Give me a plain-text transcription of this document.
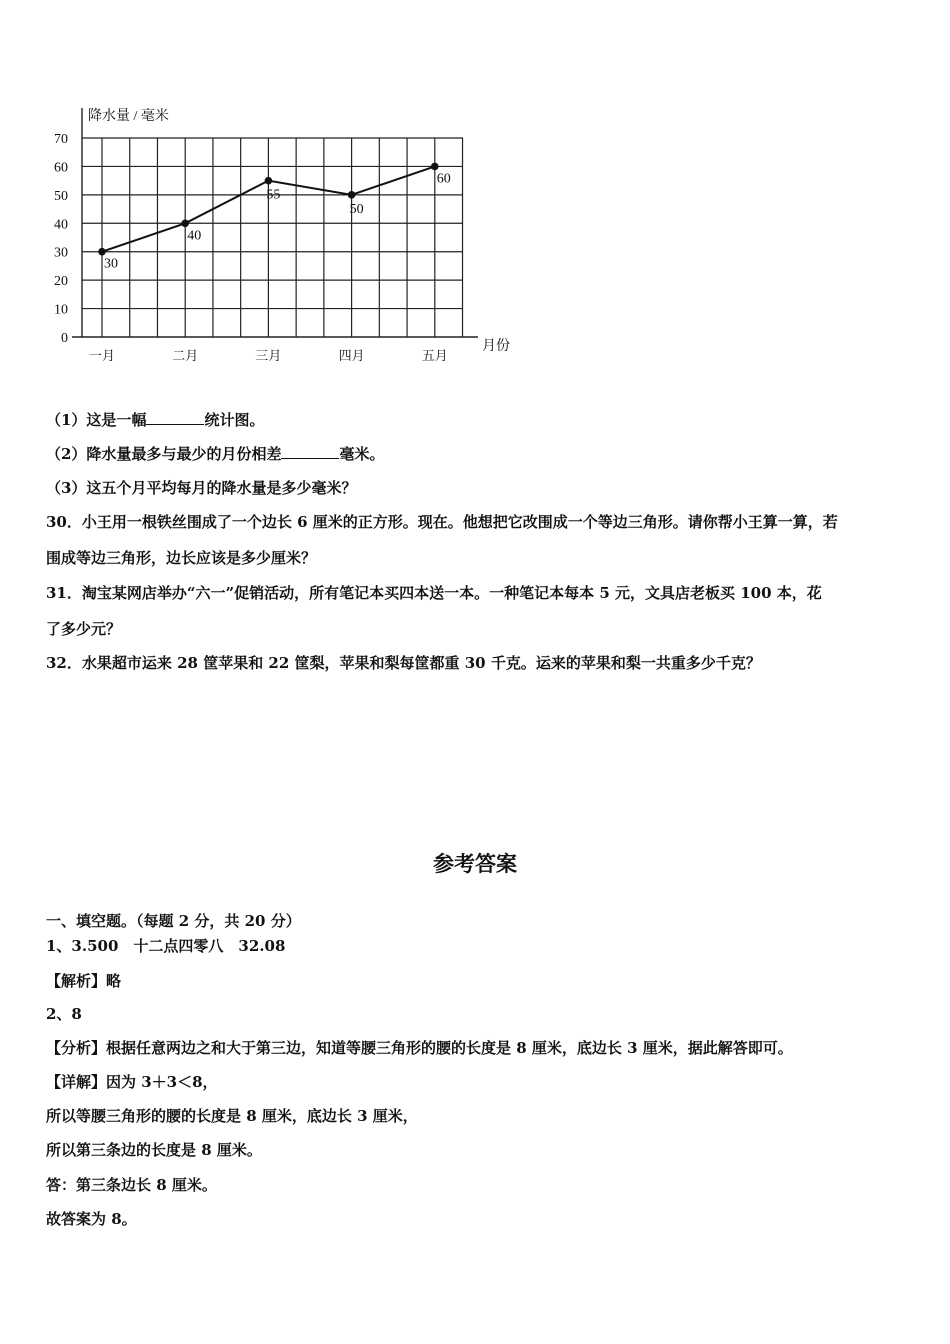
0
10
20
30
40
50
60
70
一月	二月	三月	四月	五月
30
40
55
50
60
降水量 / 毫米
月份
（1）这是一幅	统计图。
（2）降水量最多与最少的月份相差	毫米。
（3）这五个月平均每月的降水量是多少毫米？
30．小王用一根铁丝围成了一个边长 6 厘米的正方形。现在。他想把它改围成一个等边三角形。请你帮小王算一算，若
围成等边三角形，边长应该是多少厘米？
31．淘宝某网店举办“六一”促销活动，所有笔记本买四本送一本。一种笔记本每本 5 元，文具店老板买 100 本，花
了多少元？
32．水果超市运来 28 筐苹果和 22 筐梨，苹果和梨每筐都重 30 千克。运来的苹果和梨一共重多少千克？
参考答案
一、填空题。（每题 2 分，共 20 分）
1、3.500　十二点四零八　32.08
【解析】略
2、8
【分析】根据任意两边之和大于第三边，知道等腰三角形的腰的长度是 8 厘米，底边长 3 厘米，据此解答即可。
【详解】因为 3＋3＜8，
所以等腰三角形的腰的长度是 8 厘米，底边长 3 厘米，
所以第三条边的长度是 8 厘米。
答：第三条边长 8 厘米。
故答案为 8。
